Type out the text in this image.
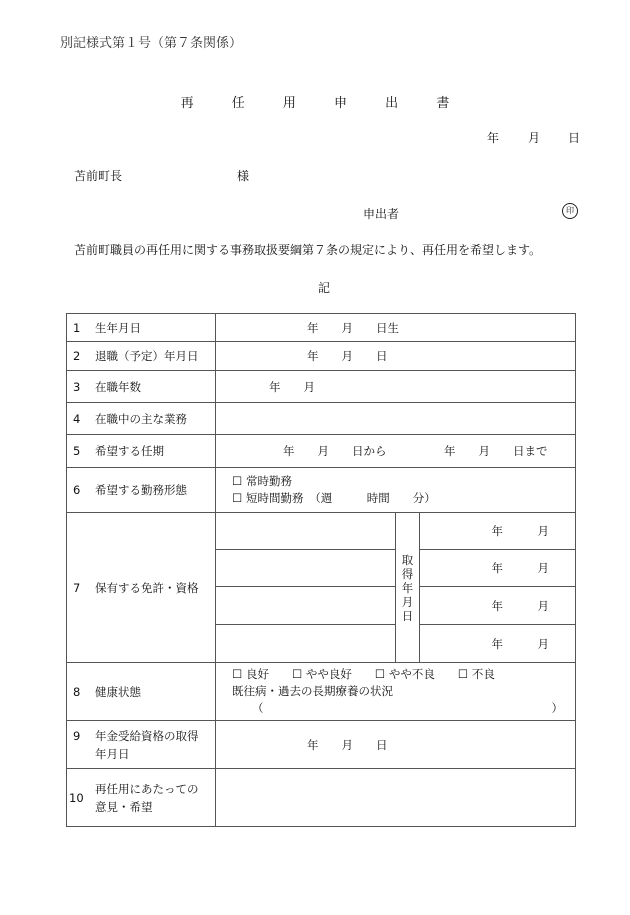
別記様式第１号（第７条関係）
再 任 用 申 出 書
年 月 日
苫前町長	様
申出者	印
苫前町職員の再任用に関する事務取扱要綱第７条の規定により、再任用を希望します。
記
1 生年月日	年　　月　　日生		
2 退職（予定）年月日	年　　月　　日		
3 在職年数	年　　月		
4 在職中の主な業務			
5 希望する任期	年　　月　　日から　　　　　年　　月　　日まで		
6 希望する勤務形態	☐ 常時勤務
☐ 短時間勤務　（週　　　時間　　分）		

7 保有する免許・資格		取得年月日	年　　　月
			年　　　月
			年　　　月
			年　　　月
8 健康状態	☐ 良好　　☐ やや良好　　☐ やや不良　　☐ 不良
既往病・過去の長期療養の状況
（ ）		

9 年金受給資格の取得
年月日	年　　月　　日		

10
再任用にあたっての
意見・希望			
